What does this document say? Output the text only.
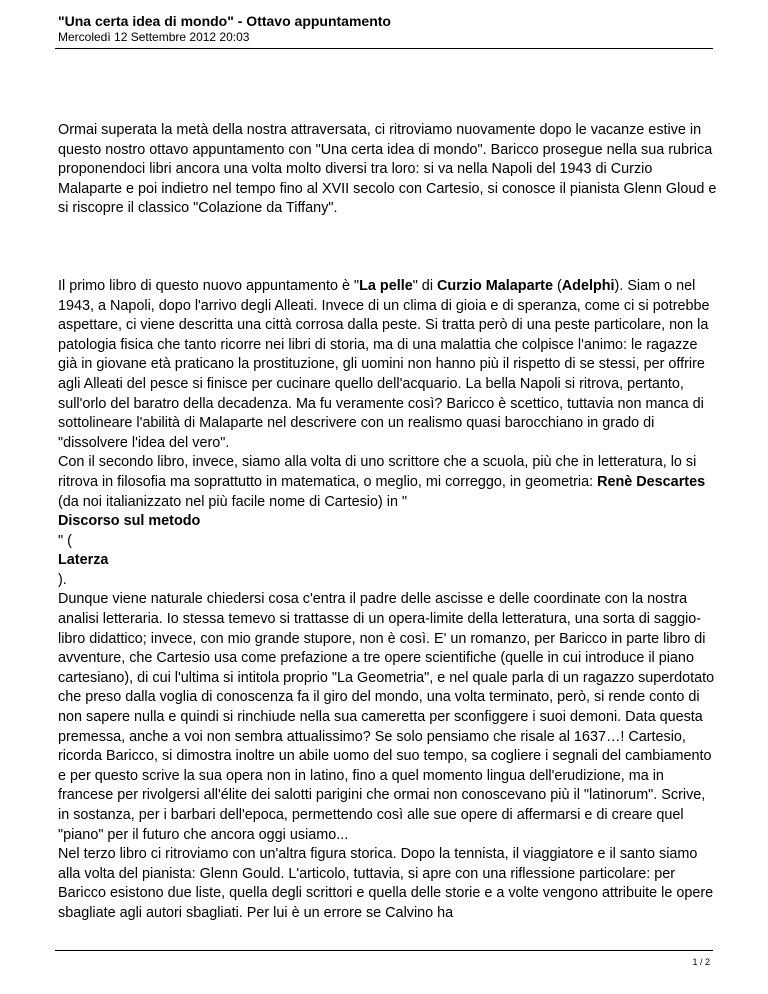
"Una certa idea di mondo" - Ottavo appuntamento
Mercoledì 12 Settembre 2012 20:03

Ormai superata la metà della nostra attraversata, ci ritroviamo nuovamente dopo le vacanze estive in questo nostro ottavo appuntamento con "Una certa idea di mondo". Baricco prosegue nella sua rubrica proponendoci libri ancora una volta molto diversi tra loro: si va nella Napoli del 1943 di Curzio Malaparte e poi indietro nel tempo fino al XVII secolo con Cartesio, si conosce il pianista Glenn Gloud e si riscopre il classico "Colazione da Tiffany".

Il primo libro di questo nuovo appuntamento è "La pelle" di Curzio Malaparte (Adelphi). Siam o nel
1943, a Napoli, dopo l'arrivo degli Alleati. Invece di un clima di gioia e di speranza, come ci si potrebbe aspettare, ci viene descritta una città corrosa dalla peste. Si tratta però di una peste particolare, non la patologia fisica che tanto ricorre nei libri di storia, ma di una malattia che colpisce l'animo: le ragazze già in giovane età praticano la prostituzione, gli uomini non hanno più il rispetto di se stessi, per offrire agli Alleati del pesce si finisce per cucinare quello dell'acquario. La bella Napoli si ritrova, pertanto, sull'orlo del baratro della decadenza. Ma fu veramente così? Baricco è scettico, tuttavia non manca di sottolineare l'abilità di Malaparte nel descrivere con un realismo quasi barocchiano in grado di "dissolvere l'idea del vero".

Con il secondo libro, invece, siamo alla volta di uno scrittore che a scuola, più che in letteratura, lo si ritrova in filosofia ma soprattutto in matematica, o meglio, mi correggo, in geometria: Renè Descartes
(da noi italianizzato nel più facile nome di Cartesio) in "
Discorso sul metodo
" (
Laterza
).

Dunque viene naturale chiedersi cosa c'entra il padre delle ascisse e delle coordinate con la nostra analisi letteraria. Io stessa temevo si trattasse di un opera-limite della letteratura, una sorta di saggio-libro didattico; invece, con mio grande stupore, non è così. E' un romanzo, per Baricco in parte libro di avventure, che Cartesio usa come prefazione a tre opere scientifiche (quelle in cui introduce il piano cartesiano), di cui l'ultima si intitola proprio "La Geometria", e nel quale parla di un ragazzo superdotato che preso dalla voglia di conoscenza fa il giro del mondo, una volta terminato, però, si rende conto di non sapere nulla e quindi si rinchiude nella sua cameretta per sconfiggere i suoi demoni. Data questa premessa, anche a voi non sembra attualissimo? Se solo pensiamo che risale al 1637…! Cartesio, ricorda Baricco, si dimostra inoltre un abile uomo del suo tempo, sa cogliere i segnali del cambiamento e per questo scrive la sua opera non in latino, fino a quel momento lingua dell'erudizione, ma in francese per rivolgersi all'élite dei salotti parigini che ormai non conoscevano più il "latinorum". Scrive, in sostanza, per i barbari dell'epoca, permettendo così alle sue opere di affermarsi e di creare quel "piano" per il futuro che ancora oggi usiamo...

Nel terzo libro ci ritroviamo con un'altra figura storica. Dopo la tennista, il viaggiatore e il santo siamo alla volta del pianista: Glenn Gould. L'articolo, tuttavia, si apre con una riflessione particolare: per Baricco esistono due liste, quella degli scrittori e quella delle storie e a volte vengono attribuite le opere sbagliate agli autori sbagliati. Per lui è un errore se Calvino ha

1 / 2
